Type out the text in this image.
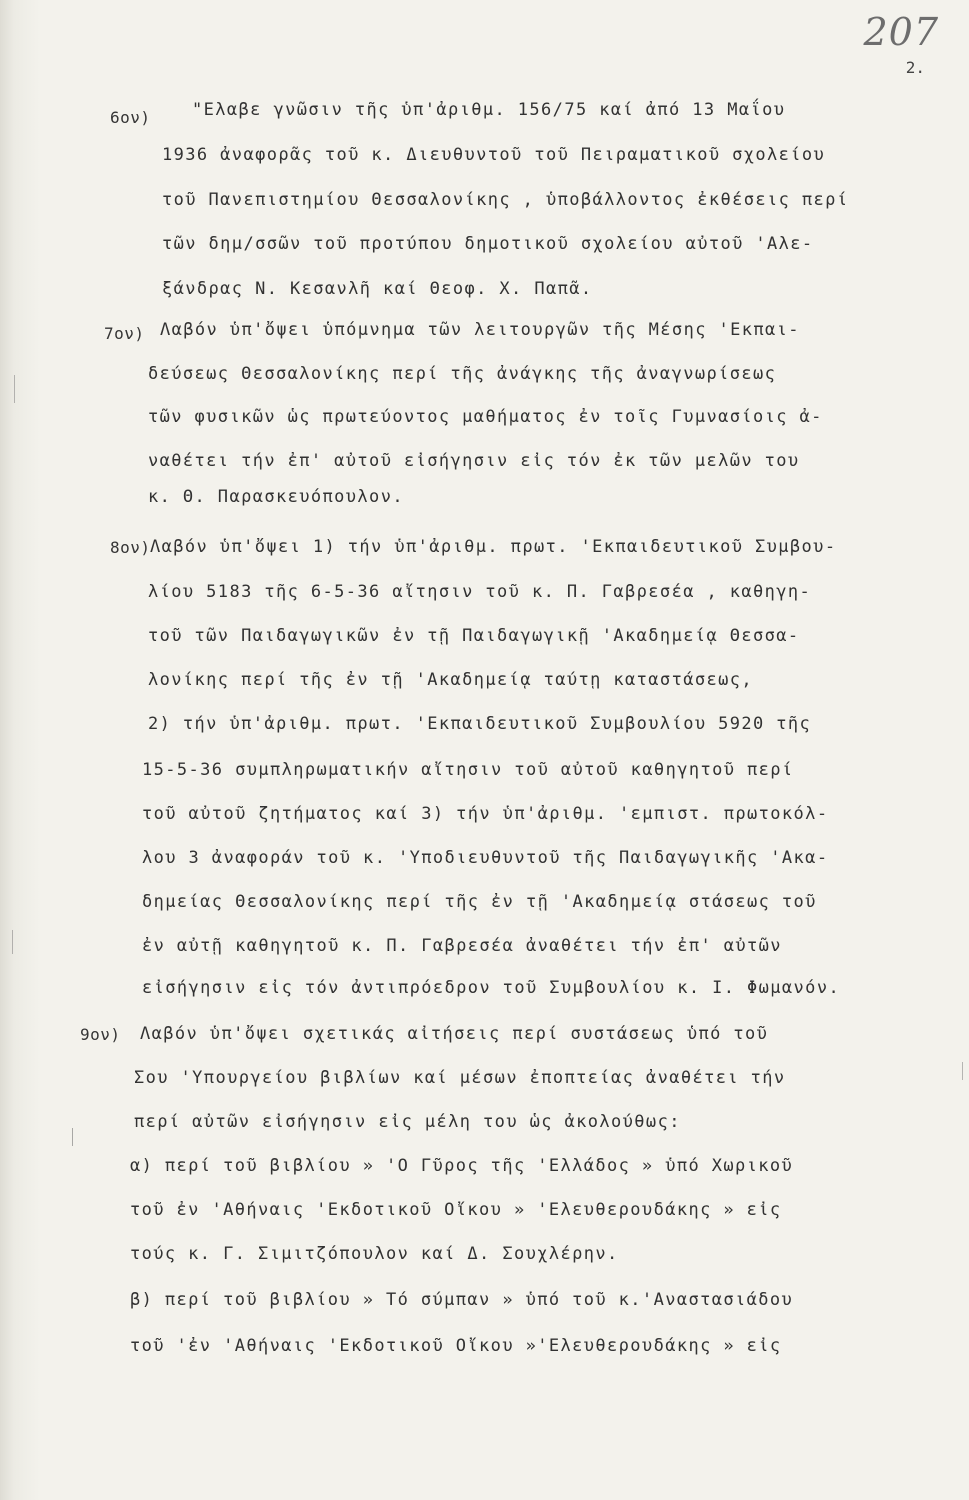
207
2.
6ον) "Ελαβε γνῶσιν τῆς ὑπ'ἀριθμ. 156/75 καί ἀπό 13 Μαΐου
1936 ἀναφορᾶς τοῦ κ. Διευθυντοῦ τοῦ Πειραματικοῦ σχολείου
τοῦ Πανεπιστημίου Θεσσαλονίκης , ὑποβάλλοντος ἐκθέσεις περί
τῶν δημ/σσῶν τοῦ προτύπου δημοτικοῦ σχολείου αὐτοῦ 'Αλε-
ξάνδρας Ν. Κεσανλῆ καί Θεοφ. Χ. Παπᾶ.
7ον) Λαβόν ὑπ'ὄψει ὑπόμνημα τῶν λειτουργῶν τῆς Μέσης 'Εκπαι-
δεύσεως Θεσσαλονίκης περί τῆς ἀνάγκης τῆς ἀναγνωρίσεως
τῶν φυσικῶν ὡς πρωτεύοντος μαθήματος ἐν τοῖς Γυμνασίοις ἀ-
ναθέτει τήν ἐπ' αὐτοῦ εἰσήγησιν εἰς τόν ἐκ τῶν μελῶν του
κ. Θ. Παρασκευόπουλον.
8ον) Λαβόν ὑπ'ὄψει 1) τήν ὑπ'ἀριθμ. πρωτ. 'Εκπαιδευτικοῦ Συμβου-
λίου 5183 τῆς 6-5-36 αἴτησιν τοῦ κ. Π. Γαβρεσέα , καθηγη-
τοῦ τῶν Παιδαγωγικῶν ἐν τῇ Παιδαγωγικῇ 'Ακαδημείᾳ Θεσσα-
λονίκης περί τῆς ἐν τῇ 'Ακαδημείᾳ ταύτῃ καταστάσεως,
2) τήν ὑπ'ἀριθμ. πρωτ. 'Εκπαιδευτικοῦ Συμβουλίου 5920 τῆς
15-5-36 συμπληρωματικήν αἴτησιν τοῦ αὐτοῦ καθηγητοῦ περί
τοῦ αὐτοῦ ζητήματος καί 3) τήν ὑπ'ἀριθμ. 'εμπιστ. πρωτοκόλ-
λου 3 ἀναφοράν τοῦ κ. 'Υποδιευθυντοῦ τῆς Παιδαγωγικῆς 'Ακα-
δημείας Θεσσαλονίκης περί τῆς ἐν τῇ 'Ακαδημείᾳ στάσεως τοῦ
ἐν αὐτῇ καθηγητοῦ κ. Π. Γαβρεσέα ἀναθέτει τήν ἐπ' αὐτῶν
εἰσήγησιν εἰς τόν ἀντιπρόεδρον τοῦ Συμβουλίου κ. Ι. Φωμανόν.
9ον) Λαβόν ὑπ'ὄψει σχετικάς αἰτήσεις περί συστάσεως ὑπό τοῦ
Σου 'Υπουργείου βιβλίων καί μέσων ἐποπτείας ἀναθέτει τήν
περί αὐτῶν εἰσήγησιν εἰς μέλη του ὡς ἀκολούθως:
α) περί τοῦ βιβλίου » 'Ο Γῦρος τῆς 'Ελλάδος » ὑπό Χωρικοῦ
τοῦ ἐν 'Αθήναις 'Εκδοτικοῦ Οἴκου » 'Ελευθερουδάκης » εἰς
τούς κ. Γ. Σιμιτζόπουλον καί Δ. Σουχλέρην.
β) περί τοῦ βιβλίου » Τό σύμπαν » ὑπό τοῦ κ.'Αναστασιάδου
τοῦ 'ἐν 'Αθήναις 'Εκδοτικοῦ Οἴκου »'Ελευθερουδάκης » εἰς
